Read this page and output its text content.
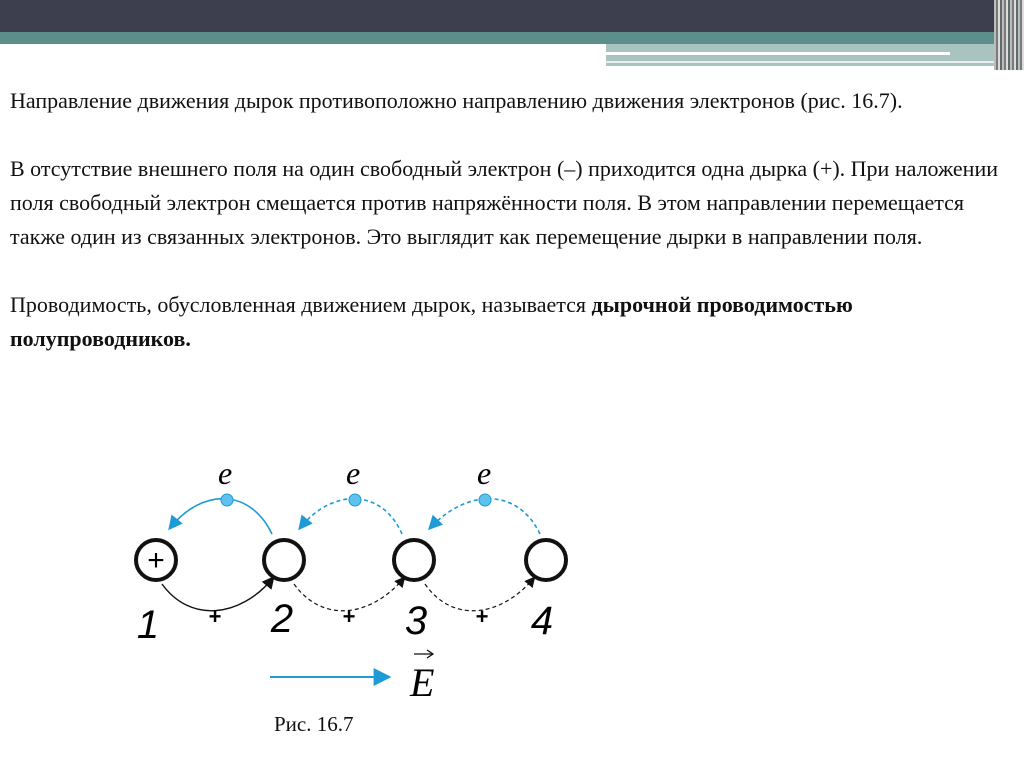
Направление движения дырок противоположно направлению движения электронов (рис. 16.7).

В отсутствие внешнего поля на один свободный электрон (–) приходится одна дырка (+). При наложении поля свободный электрон смещается против напряжённости поля. В этом направлении перемещается также один из связанных электронов. Это выглядит как перемещение дырки в направлении поля.

Проводимость, обусловленная движением дырок, называется дырочной проводимостью полупроводников.

e	e	e
+
+	+	+
1	2	3	4
E
Рис. 16.7
